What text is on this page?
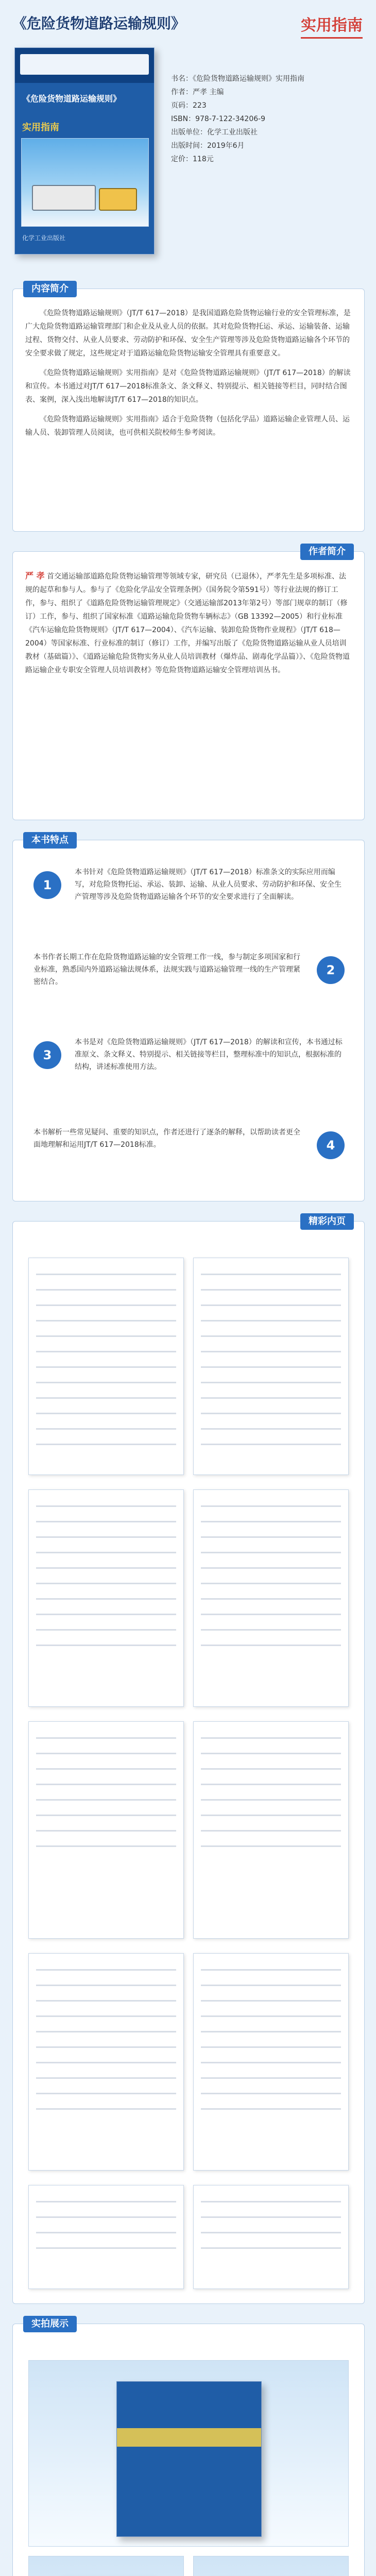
《危险货物道路运输规则》	实用指南
《危险货物道路运输规则》
实用指南
化学工业出版社
书名：《危险货物道路运输规则》实用指南
作者：严孝 主编
页码：223
ISBN：978-7-122-34206-9
出版单位：化学工业出版社
出版时间：2019年6月
定价：118元
内容简介

《危险货物道路运输规则》（JT/T 617—2018）是我国道路危险货物运输行业的安全管理标准，是广大危险货物道路运输管理部门和企业及从业人员的依据。其对危险货物托运、承运、运输装备、运输过程、货物交付、从业人员要求、劳动防护和环保、安全生产管理等涉及危险货物道路运输各个环节的安全要求做了规定，这些规定对于道路运输危险货物运输安全管理具有重要意义。

《危险货物道路运输规则》实用指南》是对《危险货物道路运输规则》（JT/T 617—2018）的解读和宣传。本书通过对JT/T 617—2018标准条文、条文释义、特别提示、相关链接等栏目，同时结合图表、案例，深入浅出地解读JT/T 617—2018的知识点。

《危险货物道路运输规则》实用指南》适合于危险货物（包括化学品）道路运输企业管理人员、运输人员、装卸管理人员阅读，也可供相关院校师生参考阅读。

作者简介

严 孝 首交通运输部道路危险货物运输管理等领域专家，研究员（已退休），严孝先生是多项标准、法规的起草和参与人。参与了《危险化学品安全管理条例》（国务院令第591号）等行业法规的修订工作，参与、组织了《道路危险货物运输管理规定》（交通运输部2013年第2号）等部门规章的制订（修订）工作，参与、组织了国家标准《道路运输危险货物车辆标志》（GB 13392—2005）和行业标准《汽车运输危险货物规则》（JT/T 617—2004）、《汽车运输、装卸危险货物作业规程》（JT/T 618—2004）等国家标准、行业标准的制订（修订）工作，并编写出版了《危险货物道路运输从业人员培训教材（基础篇）》、《道路运输危险货物实务从业人员培训教材（爆炸品、剧毒化学品篇）》、《危险货物道路运输企业专职安全管理人员培训教材》等危险货物道路运输安全管理培训丛书。

本书特点
1
本书针对《危险货物道路运输规则》（JT/T 617—2018）标准条文的实际应用而编写，对危险货物托运、承运、装卸、运输、从业人员要求、劳动防护和环保、安全生产管理等涉及危险货物道路运输各个环节的安全要求进行了全面解读。
本书作者长期工作在危险货物道路运输的安全管理工作一线，参与制定多项国家和行业标准，熟悉国内外道路运输法规体系，法规实践与道路运输管理一线的生产管理紧密结合。
2
3
本书是对《危险货物道路运输规则》（JT/T 617—2018）的解读和宣传，本书通过标准原文、条文释义、特别提示、相关链接等栏目，整理标准中的知识点，根据标准的结构，讲述标准使用方法。
本书解析一些常见疑问、重要的知识点，作者还进行了逐条的解释，以帮助读者更全面地理解和运用JT/T 617—2018标准。	4
精彩内页
实拍展示
